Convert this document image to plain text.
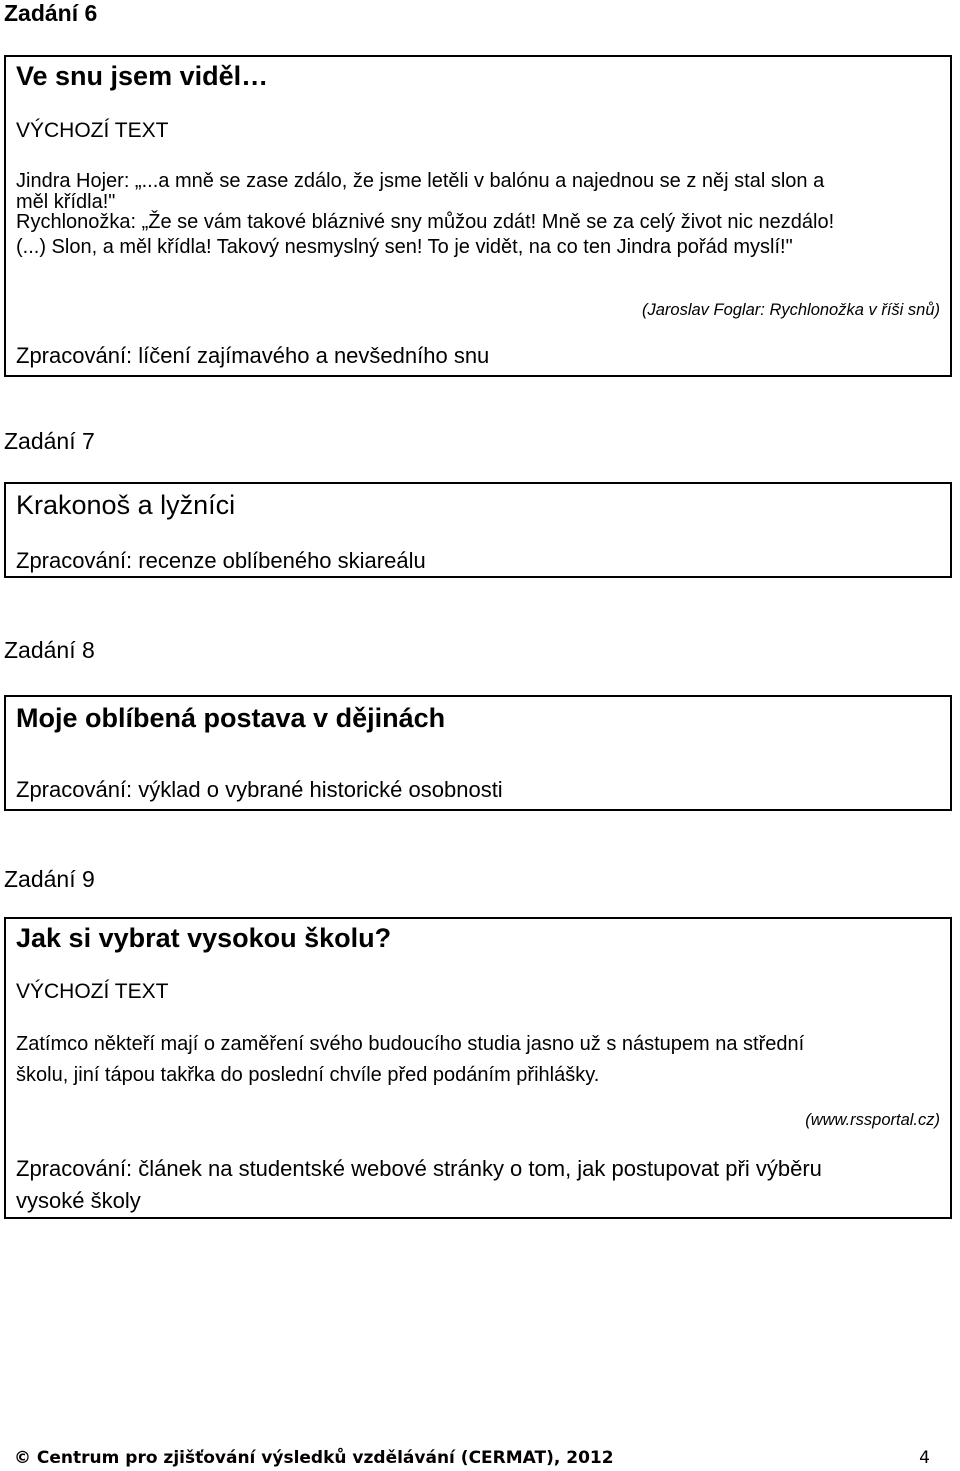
Zadání 6
Ve snu jsem viděl…
VÝCHOZÍ TEXT
Jindra Hojer: „...a mně se zase zdálo, že jsme letěli v balónu a najednou se z něj stal slon a
měl křídla!"
Rychlonožka: „Že se vám takové bláznivé sny můžou zdát! Mně se za celý život nic nezdálo!
(...) Slon, a měl křídla! Takový nesmyslný sen! To je vidět, na co ten Jindra pořád myslí!"
(Jaroslav Foglar: Rychlonožka v říši snů)
Zpracování: líčení zajímavého a nevšedního snu
Zadání 7
Krakonoš a lyžníci
Zpracování: recenze oblíbeného skiareálu
Zadání 8
Moje oblíbená postava v dějinách
Zpracování: výklad o vybrané historické osobnosti
Zadání 9
Jak si vybrat vysokou školu?
VÝCHOZÍ TEXT
Zatímco někteří mají o zaměření svého budoucího studia jasno už s nástupem na střední
školu, jiní tápou takřka do poslední chvíle před podáním přihlášky.
(www.rssportal.cz)
Zpracování: článek na studentské webové stránky o tom, jak postupovat při výběru
vysoké školy
© Centrum pro zjišťování výsledků vzdělávání (CERMAT), 2012	4
